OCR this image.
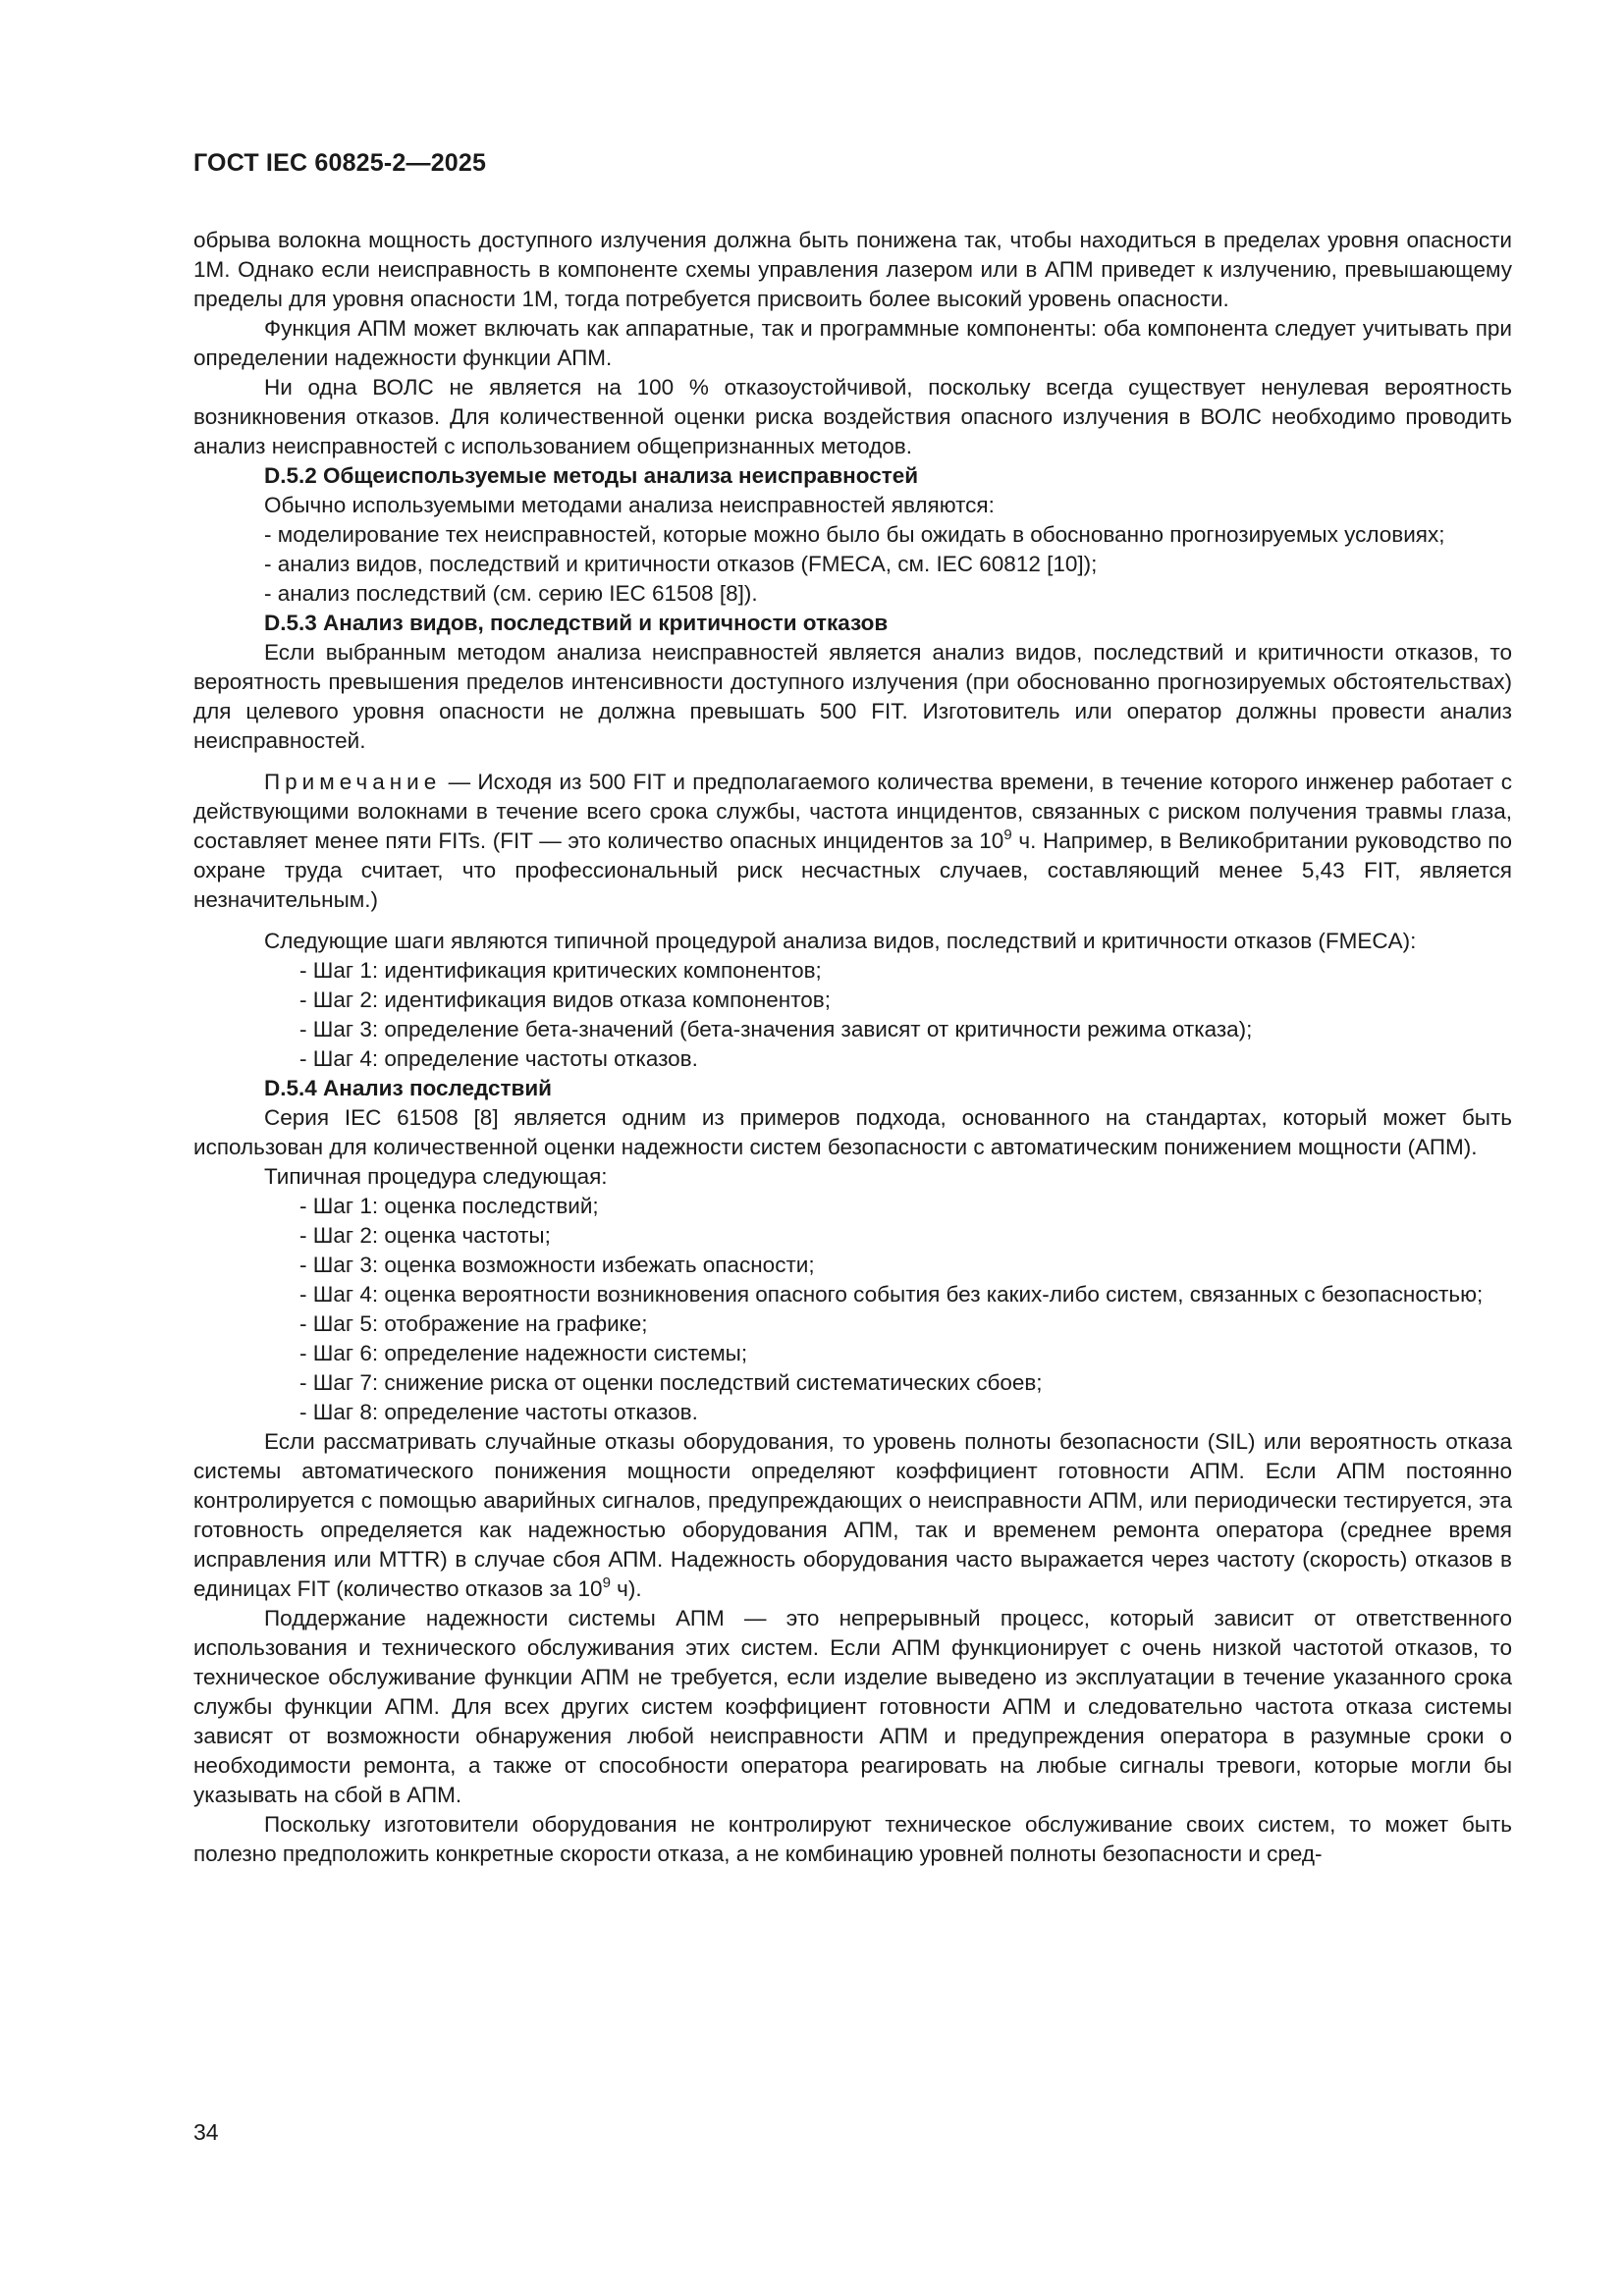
ГОСТ IEC 60825-2—2025

обрыва волокна мощность доступного излучения должна быть понижена так, чтобы находиться в пределах уровня опасности 1М. Однако если неисправность в компоненте схемы управления лазером или в АПМ приведет к излучению, превышающему пределы для уровня опасности 1М, тогда потребуется присвоить более высокий уровень опасности.

Функция АПМ может включать как аппаратные, так и программные компоненты: оба компонента следует учитывать при определении надежности функции АПМ.

Ни одна ВОЛС не является на 100 % отказоустойчивой, поскольку всегда существует ненулевая вероятность возникновения отказов. Для количественной оценки риска воздействия опасного излучения в ВОЛС необходимо проводить анализ неисправностей с использованием общепризнанных методов.

D.5.2 Общеиспользуемые методы анализа неисправностей

Обычно используемыми методами анализа неисправностей являются:

- моделирование тех неисправностей, которые можно было бы ожидать в обоснованно прогнозируемых условиях;

- анализ видов, последствий и критичности отказов (FMECA, см. IEC 60812 [10]);

- анализ последствий (см. серию IEC 61508 [8]).

D.5.3 Анализ видов, последствий и критичности отказов

Если выбранным методом анализа неисправностей является анализ видов, последствий и критичности отказов, то вероятность превышения пределов интенсивности доступного излучения (при обоснованно прогнозируемых обстоятельствах) для целевого уровня опасности не должна превышать 500 FIT. Изготовитель или оператор должны провести анализ неисправностей.

Примечание — Исходя из 500 FIT и предполагаемого количества времени, в течение которого инженер работает с действующими волокнами в течение всего срока службы, частота инцидентов, связанных с риском получения травмы глаза, составляет менее пяти FITs. (FIT — это количество опасных инцидентов за $10^9$ ч. Например, в Великобритании руководство по охране труда считает, что профессиональный риск несчастных случаев, составляющий менее 5,43 FIT, является незначительным.)

Следующие шаги являются типичной процедурой анализа видов, последствий и критичности отказов (FMECA):

- Шаг 1: идентификация критических компонентов;

- Шаг 2: идентификация видов отказа компонентов;

- Шаг 3: определение бета-значений (бета-значения зависят от критичности режима отказа);

- Шаг 4: определение частоты отказов.

D.5.4 Анализ последствий

Серия IEC 61508 [8] является одним из примеров подхода, основанного на стандартах, который может быть использован для количественной оценки надежности систем безопасности с автоматическим понижением мощности (АПМ).

Типичная процедура следующая:

- Шаг 1: оценка последствий;

- Шаг 2: оценка частоты;

- Шаг 3: оценка возможности избежать опасности;

- Шаг 4: оценка вероятности возникновения опасного события без каких-либо систем, связанных с безопасностью;

- Шаг 5: отображение на графике;

- Шаг 6: определение надежности системы;

- Шаг 7: снижение риска от оценки последствий систематических сбоев;

- Шаг 8: определение частоты отказов.

Если рассматривать случайные отказы оборудования, то уровень полноты безопасности (SIL) или вероятность отказа системы автоматического понижения мощности определяют коэффициент готовности АПМ. Если АПМ постоянно контролируется с помощью аварийных сигналов, предупреждающих о неисправности АПМ, или периодически тестируется, эта готовность определяется как надежностью оборудования АПМ, так и временем ремонта оператора (среднее время исправления или MTTR) в случае сбоя АПМ. Надежность оборудования часто выражается через частоту (скорость) отказов в единицах FIT (количество отказов за $10^9$ ч).

Поддержание надежности системы АПМ — это непрерывный процесс, который зависит от ответственного использования и технического обслуживания этих систем. Если АПМ функционирует с очень низкой частотой отказов, то техническое обслуживание функции АПМ не требуется, если изделие выведено из эксплуатации в течение указанного срока службы функции АПМ. Для всех других систем коэффициент готовности АПМ и следовательно частота отказа системы зависят от возможности обнаружения любой неисправности АПМ и предупреждения оператора в разумные сроки о необходимости ремонта, а также от способности оператора реагировать на любые сигналы тревоги, которые могли бы указывать на сбой в АПМ.

Поскольку изготовители оборудования не контролируют техническое обслуживание своих систем, то может быть полезно предположить конкретные скорости отказа, а не комбинацию уровней полноты безопасности и сред-

34
